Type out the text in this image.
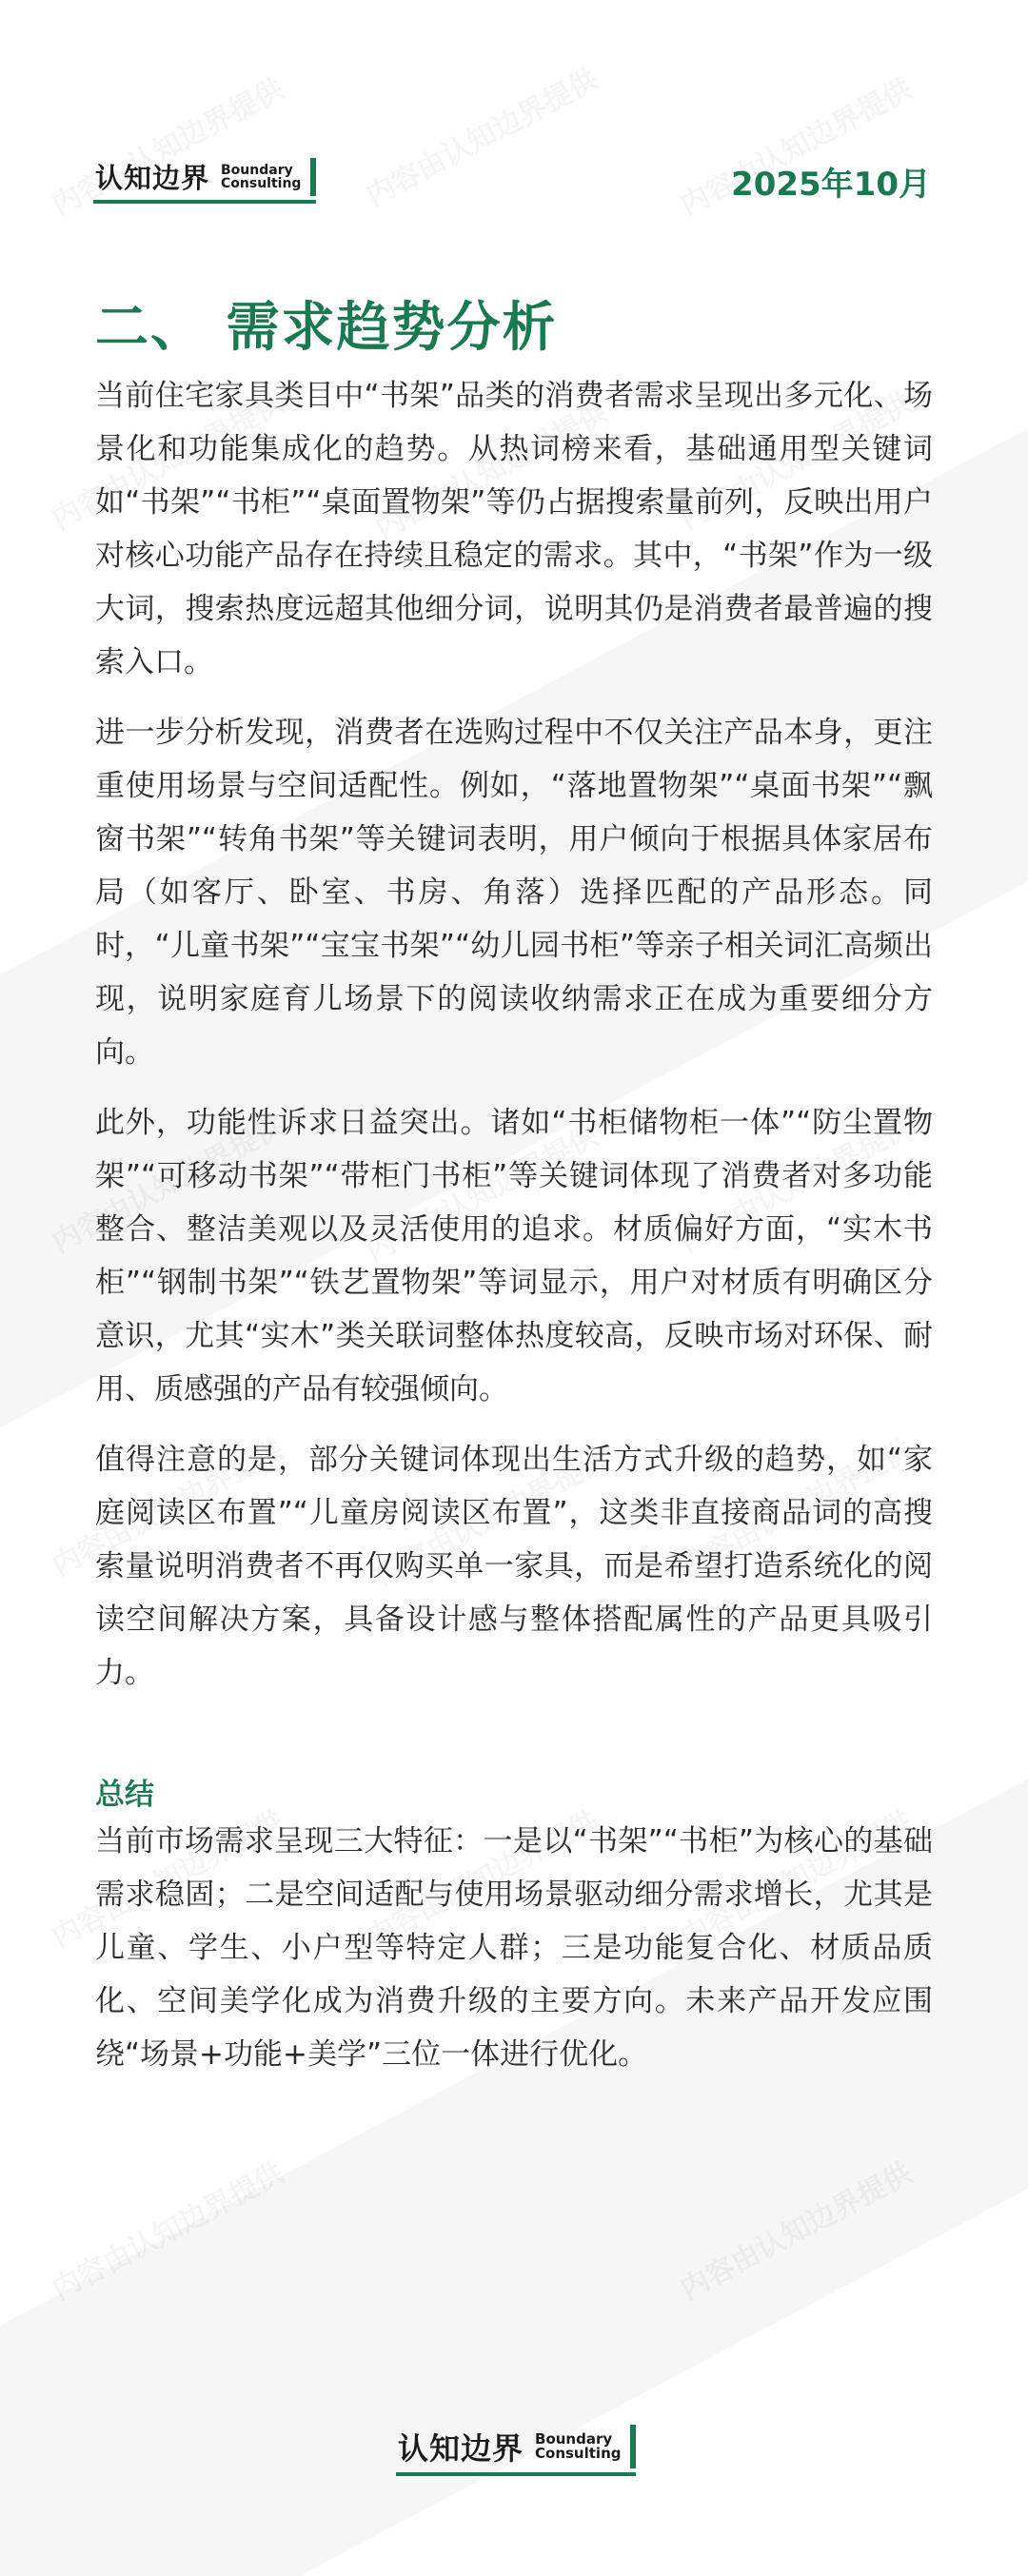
认知边界 Boundary
Consulting	2025年10月
二、 需求趋势分析

当前住宅家具类目中“书架”品类的消费者需求呈现出多元化、场景化和功能集成化的趋势。从热词榜来看，基础通用型关键词如“书架”“书柜”“桌面置物架”等仍占据搜索量前列，反映出用户对核心功能产品存在持续且稳定的需求。其中，“书架”作为一级大词，搜索热度远超其他细分词，说明其仍是消费者最普遍的搜索入口。

进一步分析发现，消费者在选购过程中不仅关注产品本身，更注重使用场景与空间适配性。例如，“落地置物架”“桌面书架”“飘窗书架”“转角书架”等关键词表明，用户倾向于根据具体家居布局（如客厅、卧室、书房、角落）选择匹配的产品形态。同时，“儿童书架”“宝宝书架”“幼儿园书柜”等亲子相关词汇高频出现，说明家庭育儿场景下的阅读收纳需求正在成为重要细分方向。

此外，功能性诉求日益突出。诸如“书柜储物柜一体”“防尘置物架”“可移动书架”“带柜门书柜”等关键词体现了消费者对多功能整合、整洁美观以及灵活使用的追求。材质偏好方面，“实木书柜”“钢制书架”“铁艺置物架”等词显示，用户对材质有明确区分意识，尤其“实木”类关联词整体热度较高，反映市场对环保、耐用、质感强的产品有较强倾向。

值得注意的是，部分关键词体现出生活方式升级的趋势，如“家庭阅读区布置”“儿童房阅读区布置”，这类非直接商品词的高搜索量说明消费者不再仅购买单一家具，而是希望打造系统化的阅读空间解决方案，具备设计感与整体搭配属性的产品更具吸引力。

总结

当前市场需求呈现三大特征：一是以“书架”“书柜”为核心的基础需求稳固；二是空间适配与使用场景驱动细分需求增长，尤其是儿童、学生、小户型等特定人群；三是功能复合化、材质品质化、空间美学化成为消费升级的主要方向。未来产品开发应围绕“场景+功能+美学”三位一体进行优化。

认知边界 Boundary
Consulting
